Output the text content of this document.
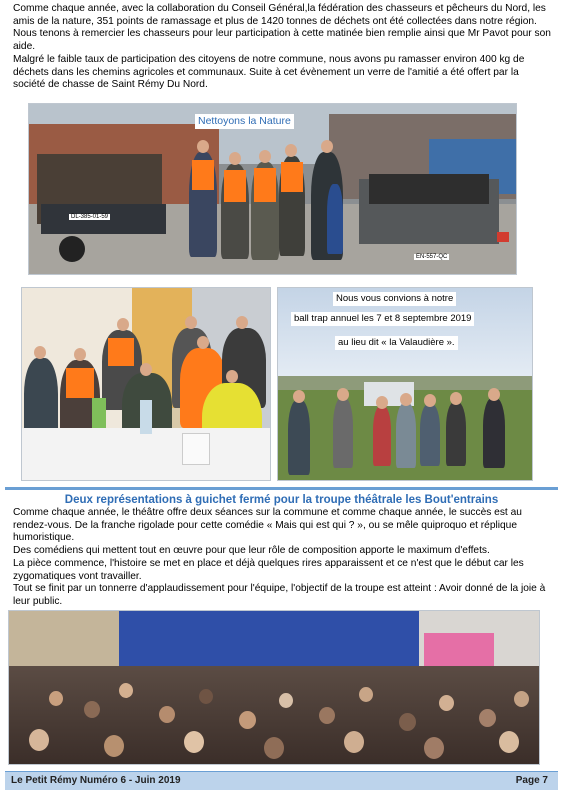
Comme chaque année, avec la collaboration du Conseil Général,la fédération des chasseurs et pêcheurs du Nord, les amis de la nature, 351 points de ramassage et plus de 1420 tonnes de déchets ont été collectées dans notre région. Nous tenons à remercier les chasseurs pour leur participation à cette matinée bien remplie ainsi que Mr Pavot pour son aide.

Malgré le faible taux de participation des citoyens de notre commune, nous avons pu ramasser environ 400 kg de déchets dans les chemins agricoles et communaux. Suite à cet évènement un verre de l'amitié a été offert par la société de chasse de Saint Rémy Du Nord.

DL-385-01-59
EN-557-QC
Nettoyons la Nature
Nous vous convions à notre
ball trap annuel les 7 et 8 septembre 2019
au lieu dit « la Valaudière ».
Deux représentations à guichet fermé pour la troupe théâtrale les Bout'entrains

Comme chaque année, le théâtre offre deux séances sur la commune et comme chaque année, le succès est au rendez-vous. De la franche rigolade pour cette comédie « Mais qui est qui ? », ou se mêle quiproquo et réplique humoristique.

Des comédiens qui mettent tout en œuvre pour que leur rôle de composition apporte le maximum d'effets.

La pièce commence, l'histoire se met en place et déjà quelques rires apparaissent et ce n'est que le début car les zygomatiques vont travailler.

Tout se finit par un tonnerre d'applaudissement pour l'équipe, l'objectif de la troupe est atteint : Avoir donné de la joie à leur public.

Le Petit Rémy Numéro 6 - Juin 2019	Page 7
